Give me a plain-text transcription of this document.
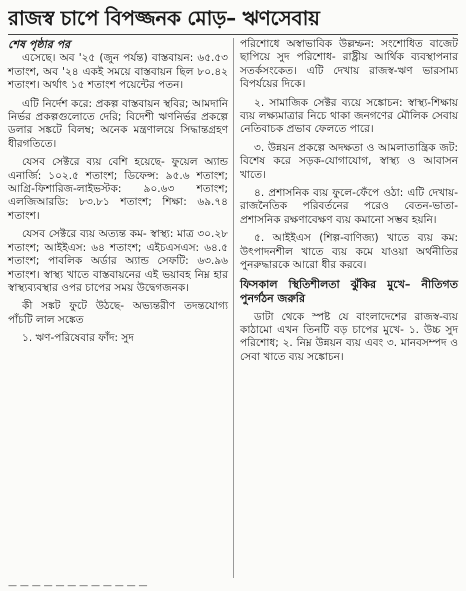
রাজস্ব চাপে বিপজ্জনক মোড়– ঋণসেবায়
শেষ পৃষ্ঠার পর

এসেছে। অব '২৫ (জুন পর্যন্ত) বাস্তবায়ন: ৬৫.৫৩ শতাংশ, অব '২৪ একই সময়ে বাস্তবায়ন ছিল ৮০.৪২ শতাংশ। অর্থাৎ ১৫ শতাংশ পয়েন্টের পতন।

এটি নির্দেশ করে: প্রকল্প বাস্তবায়ন স্থবির; আমদানি নির্ভর প্রকল্পগুলোতে দেরি; বিদেশী ঋণনির্ভর প্রকল্পে ডলার সঙ্কটে বিলম্ব; অনেক মন্ত্রণালয়ে সিদ্ধান্তগ্রহণ ধীরগতিতে।

যেসব সেক্টরে ব্যয় বেশি হয়েছে- ফুয়েল অ্যান্ড এনার্জি: ১০২.৫ শতাংশ; ডিফেন্স: ৯৫.৬ শতাংশ; আগ্রি-ফিশারিজ-লাইভস্টক: ৯০.৬৩ শতাংশ; এলজিআরডি: ৮৩.৮১ শতাংশ; শিক্ষা: ৬৯.৭৪ শতাংশ।

যেসব সেক্টরে ব্যয় অত্যন্ত কম- স্বাস্থ্য: মাত্র ৩০.২৮ শতাংশ; আইইএস: ৬৪ শতাংশ; এইচএসএস: ৬৪.৫ শতাংশ; পাবলিক অর্ডার অ্যান্ড সেফটি: ৬৩.৯৬ শতাংশ। স্বাস্থ্য খাতে বাস্তবায়নের এই ভয়াবহ নিম্ন হার স্বাস্থ্যব্যবস্থার ওপর চাপের সময় উদ্বেগজনক।

কী সঙ্কট ফুটে উঠছে- অভ্যন্তরীণ তদন্তযোগ্য পাঁচটি লাল সঙ্কেত

১. ঋণ-পরিষেবার ফাঁদ: সুদ

পরিশোধে অস্বাভাবিক উল্লম্ফন: সংশোধিত বাজেট ছাপিয়ে সুদ পরিশোধ- রাষ্ট্রীয় আর্থিক ব্যবস্থাপনার সতর্কসংকেত। এটি দেখায় রাজস্ব-ঋণ ভারসাম্য বিপর্যয়ের দিকে।

২. সামাজিক সেক্টর ব্যয়ে সঙ্কোচন: স্বাস্থ্য-শিক্ষায় ব্যয় লক্ষ্যমাত্রার নিচে থাকা জনগণের মৌলিক সেবায় নেতিবাচক প্রভাব ফেলতে পারে।

৩. উন্নয়ন প্রকল্পে অদক্ষতা ও আমলাতান্ত্রিক জট: বিশেষ করে সড়ক-যোগাযোগ, স্বাস্থ্য ও আবাসন খাতে।

৪. প্রশাসনিক ব্যয় ফুলে-ফেঁপে ওঠা: এটি দেখায়- রাজনৈতিক পরিবর্তনের পরেও বেতন-ভাতা-প্রশাসনিক রক্ষণাবেক্ষণ ব্যয় কমানো সম্ভব হয়নি।

৫. আইইএস (শিল্প-বাণিজ্য) খাতে ব্যয় কম: উৎপাদনশীল খাতে ব্যয় কমে যাওয়া অর্থনীতির পুনরুদ্ধারকে আরো ধীর করবে।

ফিসকাল স্থিতিশীলতা ঝুঁকির মুখে– নীতিগত পুনর্গঠন জরুরি

ডাটা থেকে স্পষ্ট যে বাংলাদেশের রাজস্ব-ব্যয় কাঠামো এখন তিনটি বড় চাপের মুখে- ১. উচ্চ সুদ পরিশোধ; ২. নিম্ন উন্নয়ন ব্যয় এবং ৩. মানবসম্পদ ও সেবা খাতে ব্যয় সঙ্কোচন।

— — — — — — — — — — — —
